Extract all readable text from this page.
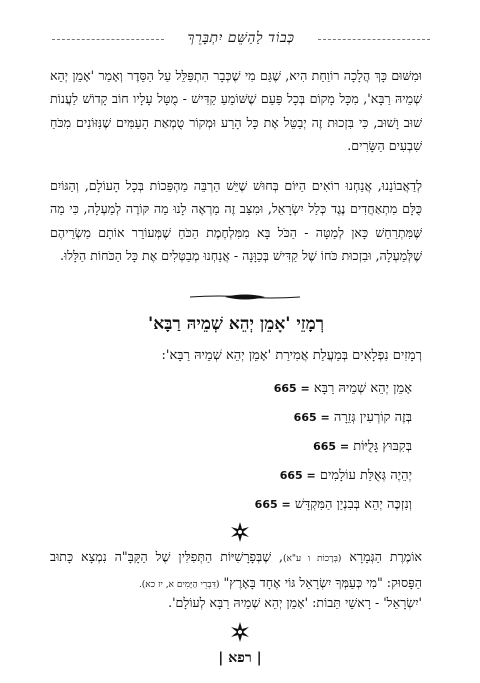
כְּבוֹד לַהַשֵּׁם יִתְבָּרֵךְ
וּמִשּׁוּם כָּךְ הֲלָכָה רוֹוַחַת הִיא, שֶׁגַּם מִי שֶׁכְּבָר הִתְפַּלֵּל עַל הַסֵּדֶר וְאָמַר 'אָמֵן יְהֵא שְׁמֵיהּ רַבָּא', מִכָּל מָקוֹם בְּכָל פַּעַם שֶׁשּׁוֹמֵעַ קַדִּישׁ - מֻטָּל עָלָיו חוֹב קָדוֹשׁ לַעֲנוֹת שׁוּב וָשׁוּב, כִּי בִּזְכוּת זֶה יְבַטֵּל אֶת כָּל הָרַע וּמְקוֹר טֻמְאַת הָעַמִּים שֶׁנִּזּוֹנִים מִכֹּחַ שִׁבְעִים הַשָּׂרִים.
לְדַאֲבוֹנֵנוּ, אֲנַחְנוּ רוֹאִים הַיּוֹם בְּחוּשׁ שֶׁיֵּשׁ הַרְבֵּה מַהְפֵּכוֹת בְּכָל הָעוֹלָם, וְהַגּוֹיִם כֻּלָּם מִתְאַחֲדִים נֶגֶד כְּלַל יִשְׂרָאֵל, וּמִצַּב זֶה מַרְאֶה לָנוּ מַה קּוֹרֶה לְמַעְלָה, כִּי מַה שֶּׁמִּתְרַחֵשׁ כָּאן לְמַטָּה - הַכֹּל בָּא מִמִּלְחֶמֶת הַכֹּחַ שֶׁמְּעוֹרֵר אוֹתָם מַשְׂרֵיהֶם שֶׁלְּמַעְלָה, וּבִזְכוּת כֹּחוֹ שֶׁל קַדִּישׁ בְּכַוָּנָה - אֲנַחְנוּ מְבַטְּלִים אֶת כָּל הַכֹּחוֹת הַלָּלוּ.
רְמָזֵי 'אָמֵן יְהֵא שְׁמֵיהּ רַבָּא'
רְמָזִים נִפְלָאִים בְּמַעֲלַת אֲמִירַת 'אָמֵן יְהֵא שְׁמֵיהּ רַבָּא':
אָמֵן יְהֵא שְׁמֵיהּ רַבָּא = 665
בְּזֶה קוֹרְעִין גְּזֵרָה = 665
בְּקִבּוּץ גָּלֻיּוֹת = 665
יְהֵיֶה גְּאֻלַּת עוֹלָמִים = 665
וְנִזְכֶּה יְהֵא בְּבִנְיַן הַמִּקְדָּשׁ = 665
אוֹמֶרֶת הַגְּמָרָא (בְּרָכוֹת ו ע"א), שֶׁבְּפָרָשִׁיּוֹת הַתְּפִלִּין שֶׁל הַקָּבָּ"ה נִמְצָא כָּתוּב הַפָּסוּק: "מִי כְּעַמְּךָ יִשְׂרָאֵל גּוֹי אֶחָד בָּאָרֶץ" (דִּבְרֵי הַיָּמִים א, יז כא).
'יִשְׂרָאֵל' - רָאשֵׁי תֵּבוֹת: 'אָמֵן יְהֵא שְׁמֵיהּ רַבָּא לְעוֹלָם'.
| רפא |
